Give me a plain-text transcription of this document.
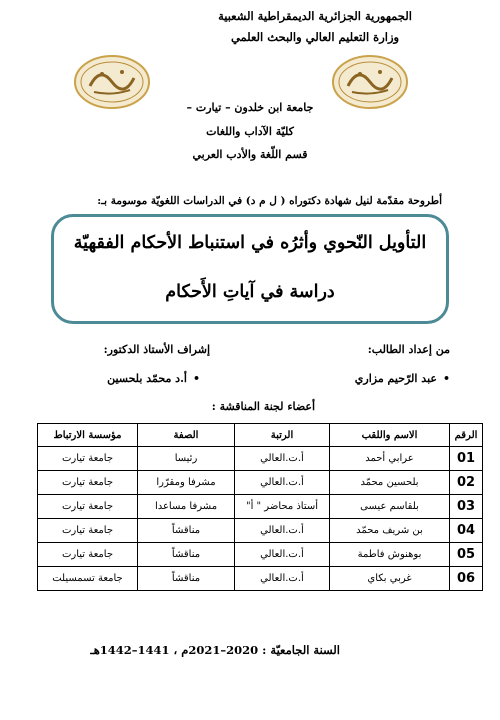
الجمهورية الجزائرية الديمقراطية الشعبية
وزارة التعليم العالي والبحث العلمي
جامعة ابن خلدون – تيارت –
كليّة الآداب واللغات
قسم اللّغة والأدب العربي
أطروحة مقدّمة لنيل شهادة دكتوراه ( ل م د) في الدراسات اللغويّة موسومة بـ:
التأويل النّحوي وأثرُه في استنباط الأحكام الفقهيّة
دراسة في آياتِ الأَحكام
من إعداد الطالب:
إشراف الأستاذ الدكتور:
•عبد الرّحيم مزاري
•أ.د محمّد بلحسين
أعضاء لجنة المناقشة :
الرقم	الاسم واللقب	الرتبة	الصفة	مؤسسة الارتباط
01	عرابي أحمد	أ.ت.العالي	رئيسا	جامعة تيارت
02	بلحسين محمّد	أ.ت.العالي	مشرفا ومقرّرا	جامعة تيارت
03	بلقاسم عيسى	أستاذ محاضر " أ"	مشرفا مساعدا	جامعة تيارت
04	بن شريف محمّد	أ.ت.العالي	مناقشاً	جامعة تيارت
05	بوهنوش فاطمة	أ.ت.العالي	مناقشاً	جامعة تيارت
06	غربي بكاي	أ.ت.العالي	مناقشاً	جامعة تسمسيلت
السنة الجامعيّة : 2020–2021م ، 1441–1442هـ
